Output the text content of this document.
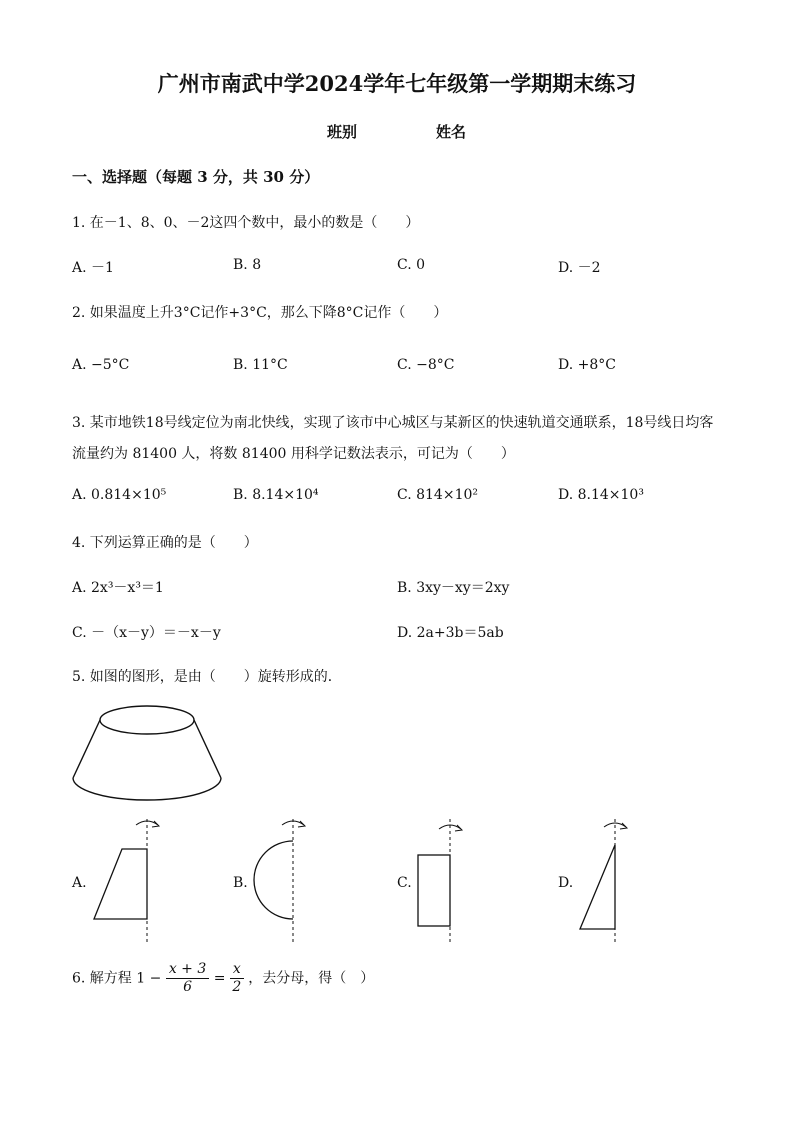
广州市南武中学2024学年七年级第一学期期末练习
班别	姓名
一、选择题（每题 3 分，共 30 分）
1. 在－1、8、0、－2这四个数中，最小的数是（　　）
A. －1	B. 8	C. 0	D. －2
2. 如果温度上升3°C记作+3°C，那么下降8°C记作（　　）
A. −5°C	B. 11°C	C. −8°C	D. +8°C
3. 某市地铁18号线定位为南北快线，实现了该市中心城区与某新区的快速轨道交通联系，18号线日均客
流量约为 81400 人，将数 81400 用科学记数法表示，可记为（　　）
A. 0.814×10⁵	B. 8.14×10⁴	C. 814×10²	D. 8.14×10³
4. 下列运算正确的是（　　）
A. 2x³－x³＝1	B. 3xy－xy＝2xy
C. －（x－y）＝－x－y	D. 2a+3b＝5ab
5. 如图的图形，是由（　　）旋转形成的．
A.	B.	C.	D.
6. 解方程 $1 - \frac{x + 3}{6} = \frac{x}{2}$ ，去分母，得（　）
